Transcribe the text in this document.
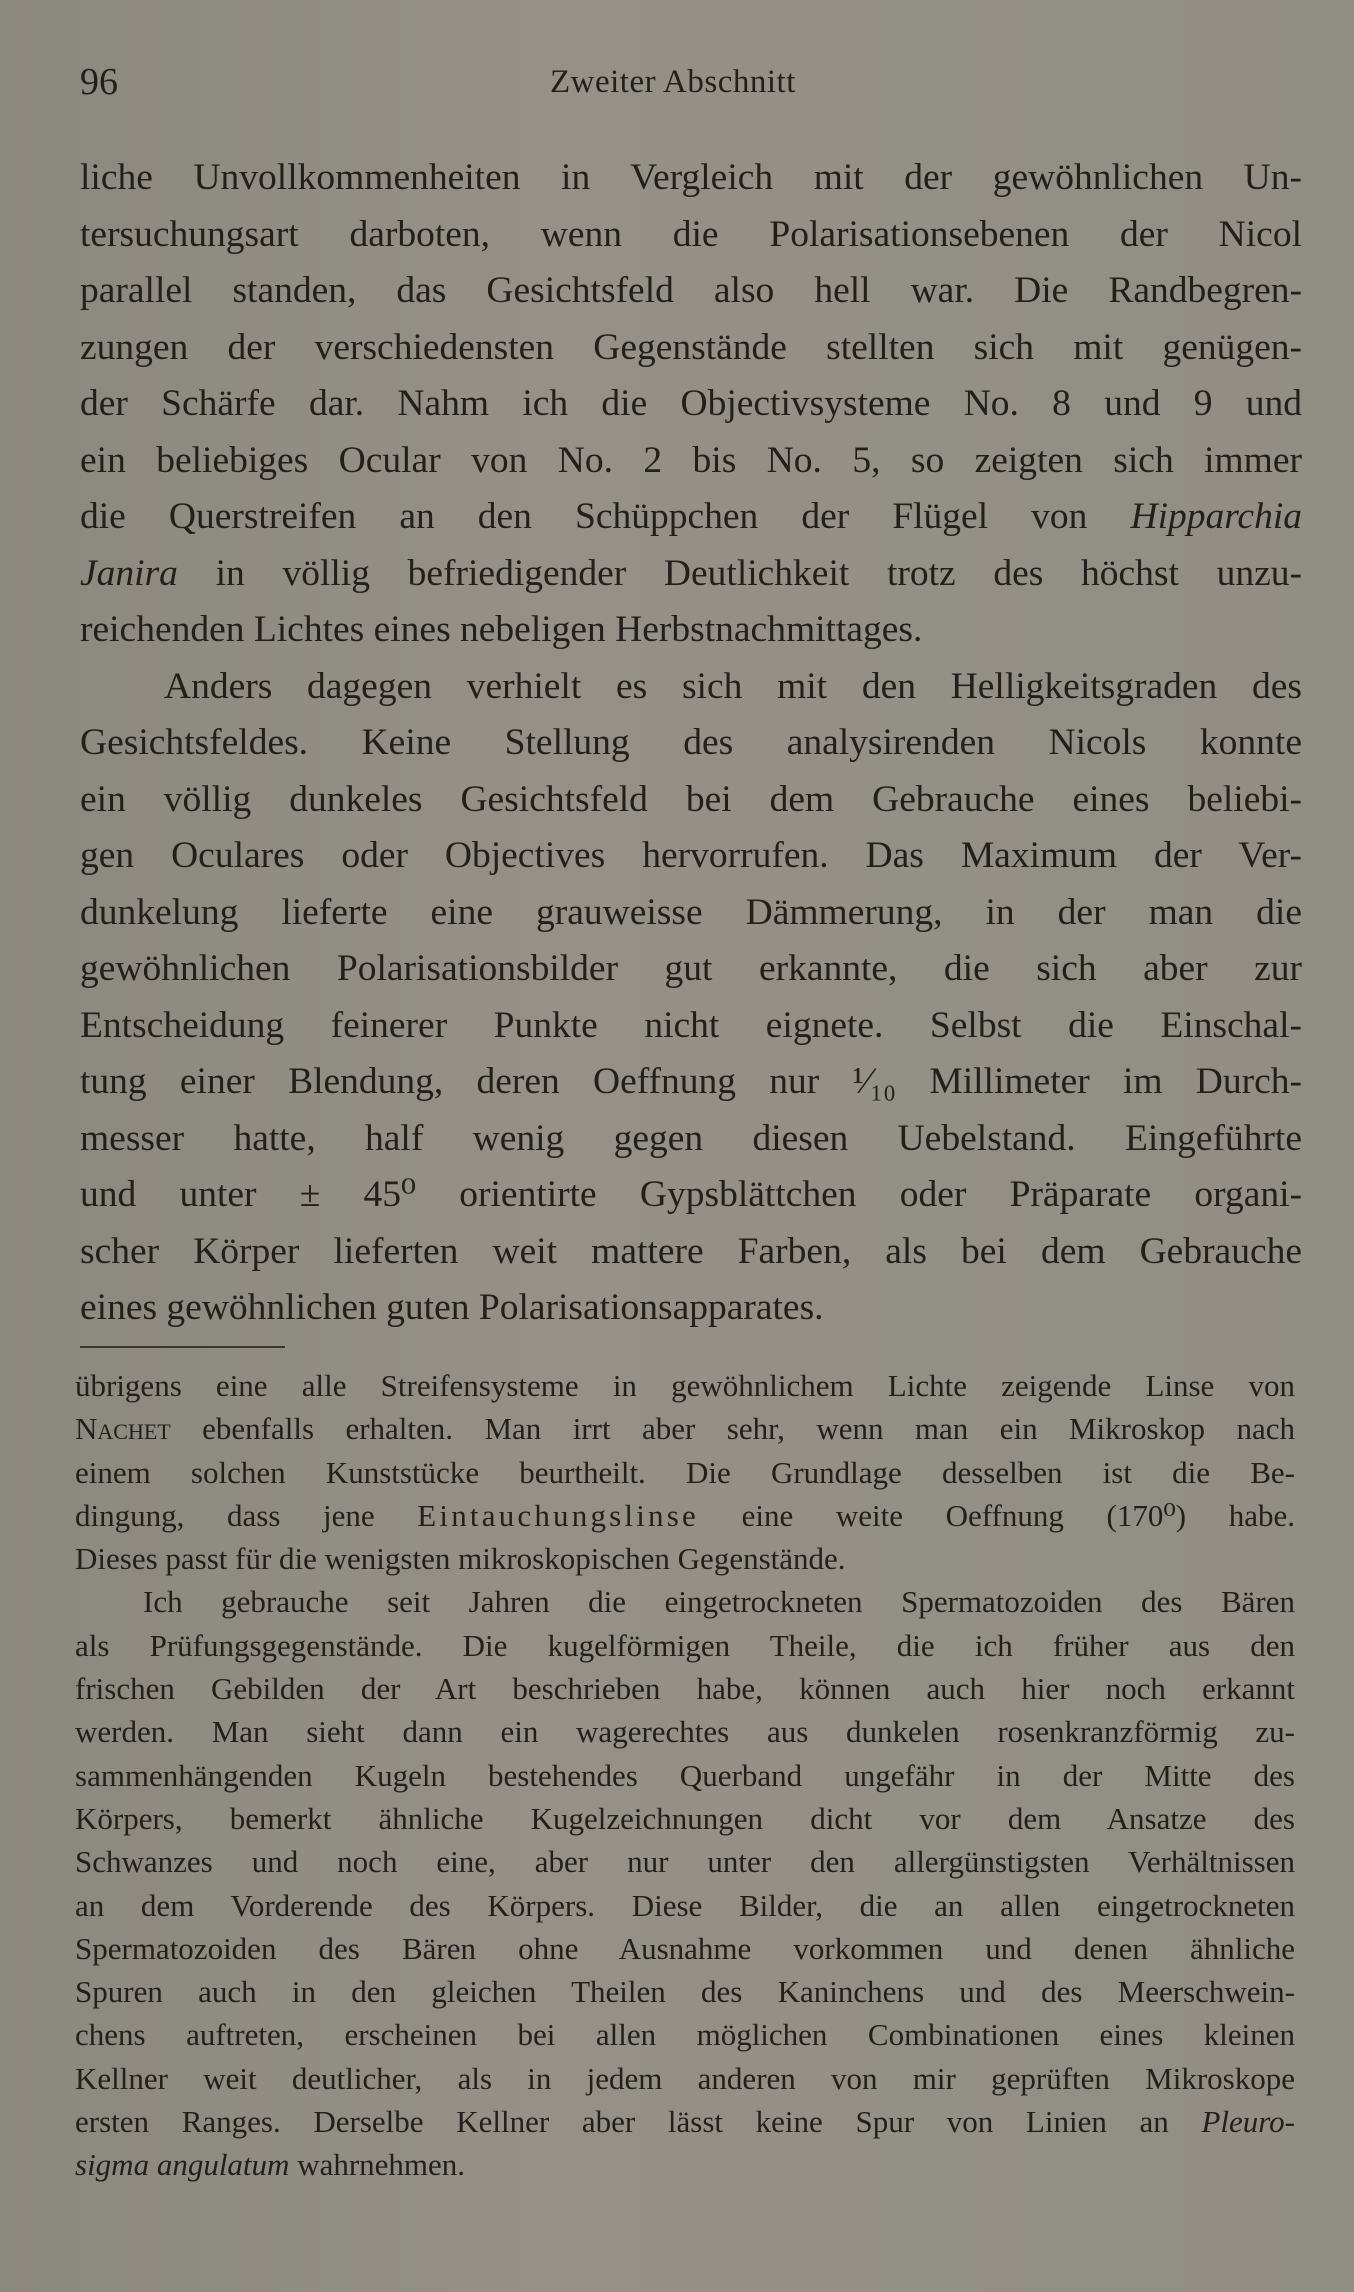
96	Zweiter Abschnitt
liche Unvollkommenheiten in Vergleich mit der gewöhnlichen Un-
tersuchungsart darboten, wenn die Polarisationsebenen der Nicol
parallel standen, das Gesichtsfeld also hell war. Die Randbegren-
zungen der verschiedensten Gegenstände stellten sich mit genügen-
der Schärfe dar. Nahm ich die Objectivsysteme No. 8 und 9 und
ein beliebiges Ocular von No. 2 bis No. 5, so zeigten sich immer
die Querstreifen an den Schüppchen der Flügel von Hipparchia
Janira in völlig befriedigender Deutlichkeit trotz des höchst unzu-
reichenden Lichtes eines nebeligen Herbstnachmittages.
Anders dagegen verhielt es sich mit den Helligkeitsgraden des
Gesichtsfeldes. Keine Stellung des analysirenden Nicols konnte
ein völlig dunkeles Gesichtsfeld bei dem Gebrauche eines beliebi-
gen Oculares oder Objectives hervorrufen. Das Maximum der Ver-
dunkelung lieferte eine grauweisse Dämmerung, in der man die
gewöhnlichen Polarisationsbilder gut erkannte, die sich aber zur
Entscheidung feinerer Punkte nicht eignete. Selbst die Einschal-
tung einer Blendung, deren Oeffnung nur ¹⁄₁₀ Millimeter im Durch-
messer hatte, half wenig gegen diesen Uebelstand. Eingeführte
und unter ± 45⁰ orientirte Gypsblättchen oder Präparate organi-
scher Körper lieferten weit mattere Farben, als bei dem Gebrauche
eines gewöhnlichen guten Polarisationsapparates.
übrigens eine alle Streifensysteme in gewöhnlichem Lichte zeigende Linse von
Nachet ebenfalls erhalten. Man irrt aber sehr, wenn man ein Mikroskop nach
einem solchen Kunststücke beurtheilt. Die Grundlage desselben ist die Be-
dingung, dass jene Eintauchungslinse eine weite Oeffnung (170⁰) habe.
Dieses passt für die wenigsten mikroskopischen Gegenstände.
Ich gebrauche seit Jahren die eingetrockneten Spermatozoiden des Bären
als Prüfungsgegenstände. Die kugelförmigen Theile, die ich früher aus den
frischen Gebilden der Art beschrieben habe, können auch hier noch erkannt
werden. Man sieht dann ein wagerechtes aus dunkelen rosenkranzförmig zu-
sammenhängenden Kugeln bestehendes Querband ungefähr in der Mitte des
Körpers, bemerkt ähnliche Kugelzeichnungen dicht vor dem Ansatze des
Schwanzes und noch eine, aber nur unter den allergünstigsten Verhältnissen
an dem Vorderende des Körpers. Diese Bilder, die an allen eingetrockneten
Spermatozoiden des Bären ohne Ausnahme vorkommen und denen ähnliche
Spuren auch in den gleichen Theilen des Kaninchens und des Meerschwein-
chens auftreten, erscheinen bei allen möglichen Combinationen eines kleinen
Kellner weit deutlicher, als in jedem anderen von mir geprüften Mikroskope
ersten Ranges. Derselbe Kellner aber lässt keine Spur von Linien an Pleuro-
sigma angulatum wahrnehmen.
